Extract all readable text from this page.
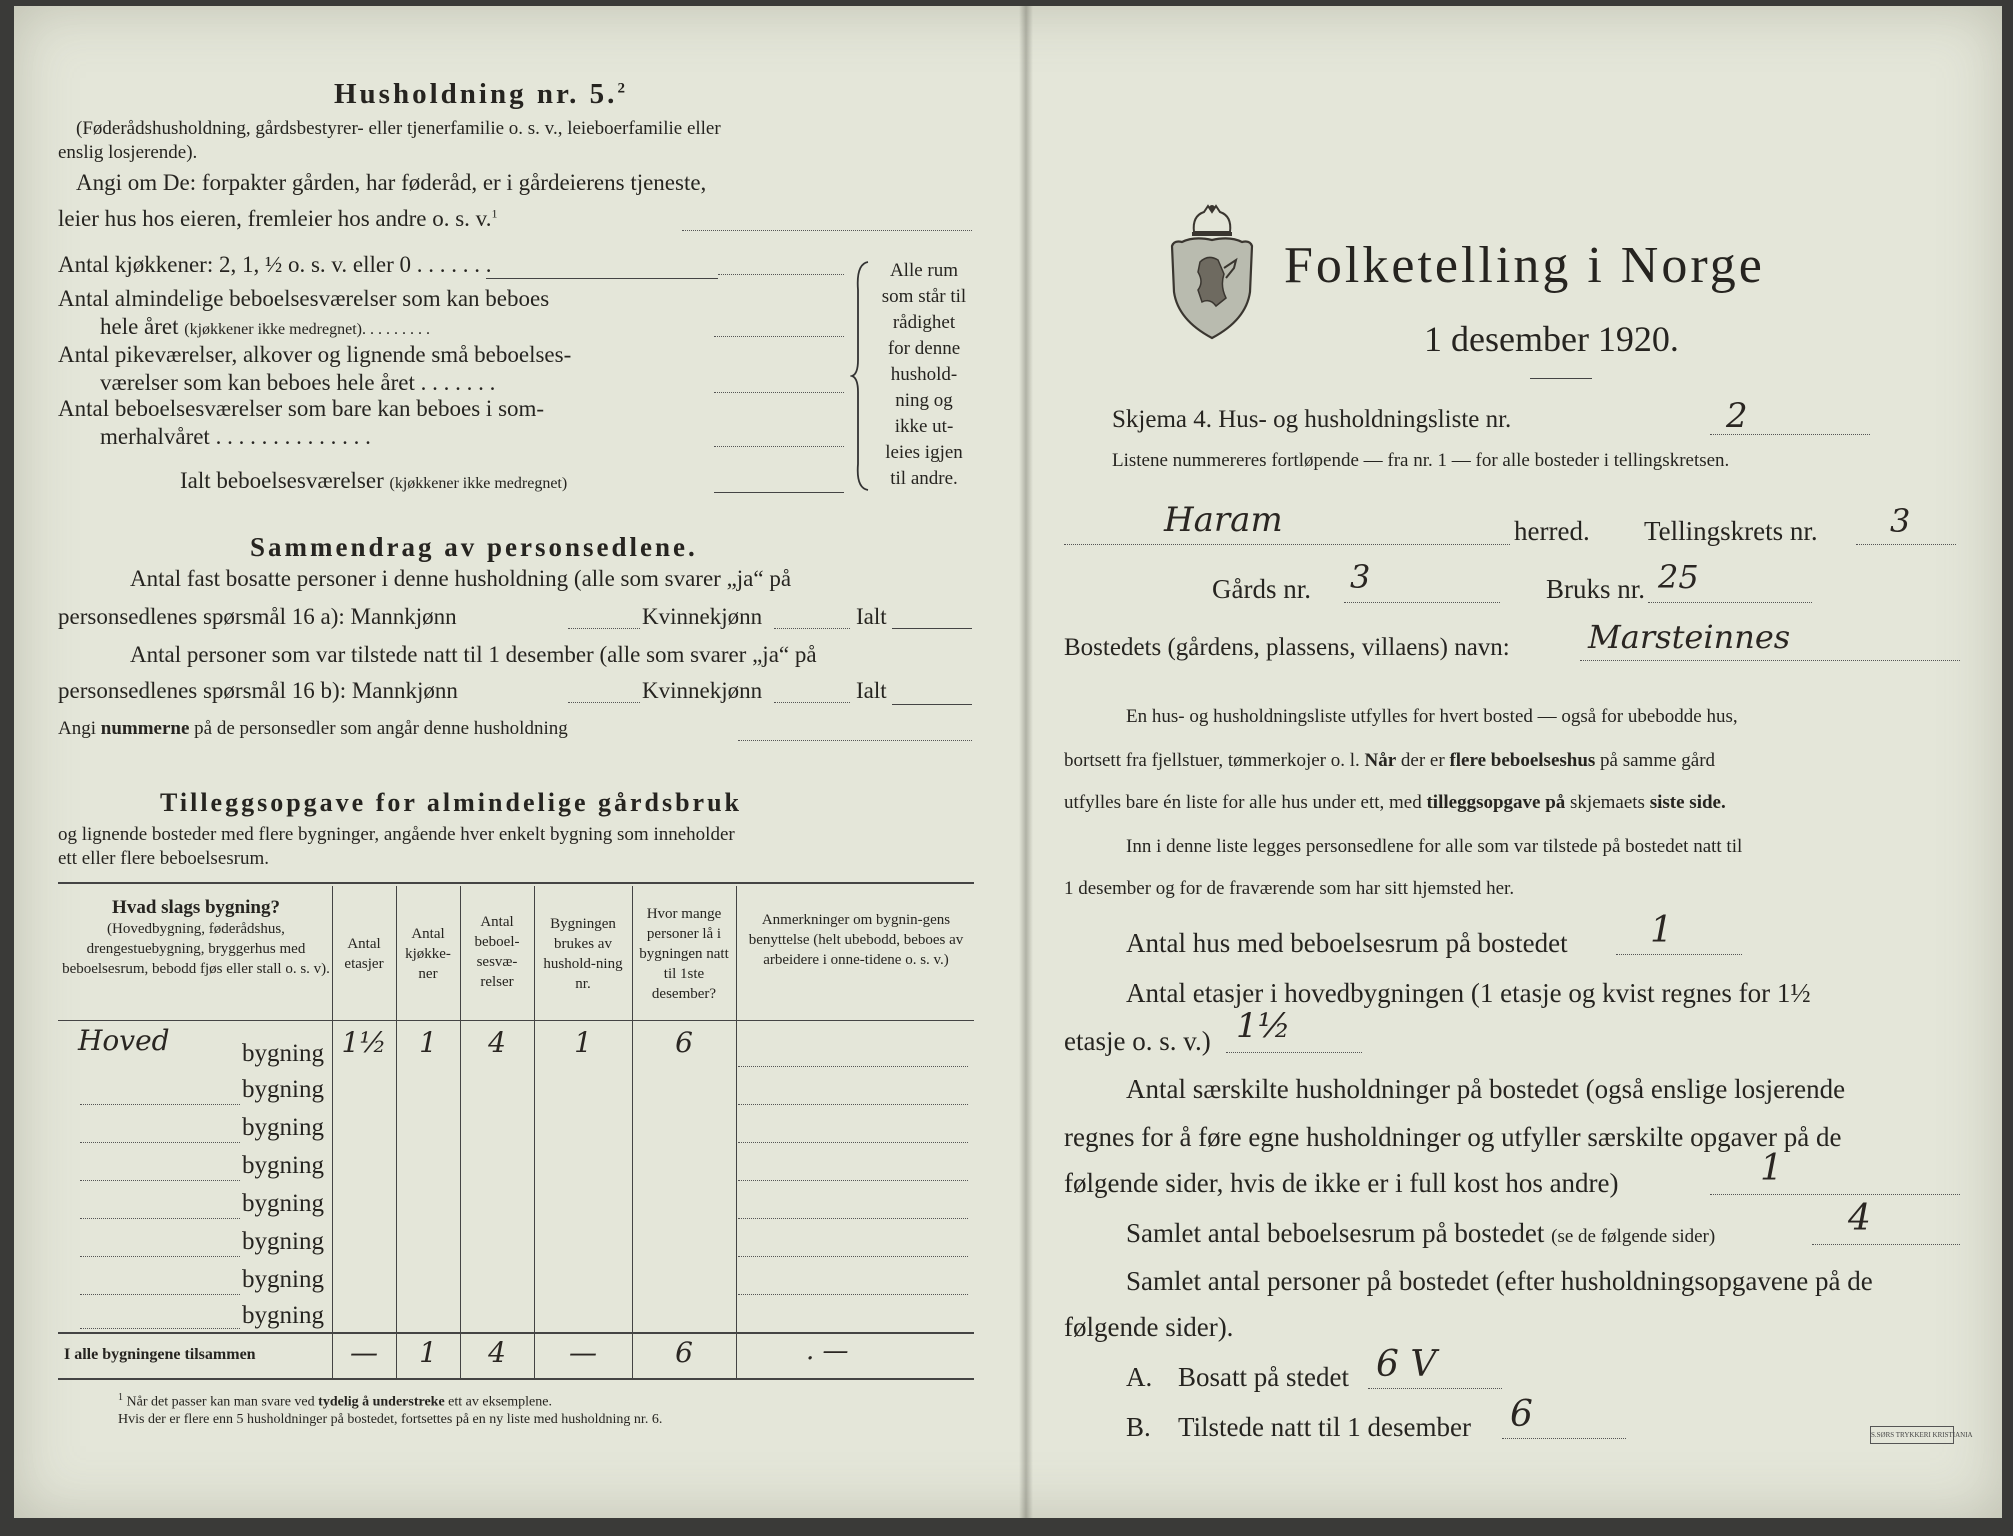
Husholdning nr. 5.$^2$
(Føderådshusholdning, gårdsbestyrer- eller tjenerfamilie o. s. v., leieboerfamilie eller
enslig losjerende).
Angi om De: forpakter gården, har føderåd, er i gårdeierens tjeneste,
leier hus hos eieren, fremleier hos andre o. s. v.$^1$
Antal kjøkkener: 2, 1, ½ o. s. v. eller 0 . . . . . . .
Antal almindelige beboelsesværelser som kan beboes
hele året (kjøkkener ikke medregnet). . . . . . . . .
Antal pikeværelser, alkover og lignende små beboelses-
værelser som kan beboes hele året . . . . . . .
Antal beboelsesværelser som bare kan beboes i som-
merhalvåret . . . . . . . . . . . . . .
Ialt beboelsesværelser (kjøkkener ikke medregnet)
Alle rum
som står til
rådighet
for denne
hushold-
ning og
ikke ut-
leies igjen
til andre.
Sammendrag av personsedlene.
Antal fast bosatte personer i denne husholdning (alle som svarer „ja“ på
personsedlenes spørsmål 16 a): Mannkjønn	Kvinnekjønn	Ialt
Antal personer som var tilstede natt til 1 desember (alle som svarer „ja“ på
personsedlenes spørsmål 16 b): Mannkjønn	Kvinnekjønn	Ialt
Angi nummerne på de personsedler som angår denne husholdning
Tilleggsopgave for almindelige gårdsbruk
og lignende bosteder med flere bygninger, angående hver enkelt bygning som inneholder
ett eller flere beboelsesrum.
Hvad slags bygning?
(Hovedbygning, føderådshus, drengestuebygning, bryggerhus med beboelsesrum, bebodd fjøs eller stall o. s. v).
Antal etasjer
Antal kjøkke-ner
Antal beboel-sesvæ-relser
Bygningen brukes av hushold-ning nr.
Hvor mange personer lå i bygningen natt til 1ste desember?
Anmerkninger om bygnin-gens benyttelse (helt ubebodd, beboes av arbeidere i onne-tidene o. s. v.)
Hoved	bygning 1½	1	4	1	6
bygning
bygning
bygning
bygning
bygning
bygning
bygning
I alle bygningene tilsammen	—	1	4	—	6	. —
$^1$ Når det passer kan man svare ved tydelig å understreke ett av eksemplene.
Hvis der er flere enn 5 husholdninger på bostedet, fortsettes på en ny liste med husholdning nr. 6.
Folketelling i Norge
1 desember 1920.
Skjema 4. Hus- og husholdningsliste nr.	2
Listene nummereres fortløpende — fra nr. 1 — for alle bosteder i tellingskretsen.
Haram	herred. Tellingskrets nr. 3
Gårds nr. 3	Bruks nr. 25
Bostedets (gårdens, plassens, villaens) navn: Marsteinnes
En hus- og husholdningsliste utfylles for hvert bosted — også for ubebodde hus,
bortsett fra fjellstuer, tømmerkojer o. l. Når der er flere beboelseshus på samme gård
utfylles bare én liste for alle hus under ett, med tilleggsopgave på skjemaets siste side.
Inn i denne liste legges personsedlene for alle som var tilstede på bostedet natt til
1 desember og for de fraværende som har sitt hjemsted her.
Antal hus med beboelsesrum på bostedet 1
Antal etasjer i hovedbygningen (1 etasje og kvist regnes for 1½
etasje o. s. v.) 1½
Antal særskilte husholdninger på bostedet (også enslige losjerende
regnes for å føre egne husholdninger og utfyller særskilte opgaver på de
følgende sider, hvis de ikke er i full kost hos andre)	1
Samlet antal beboelsesrum på bostedet (se de følgende sider)	4
Samlet antal personer på bostedet (efter husholdningsopgavene på de
følgende sider).
A. Bosatt på stedet 6 V
B. Tilstede natt til 1 desember 6	S.SØRS TRYKKERI KRISTIANIA
